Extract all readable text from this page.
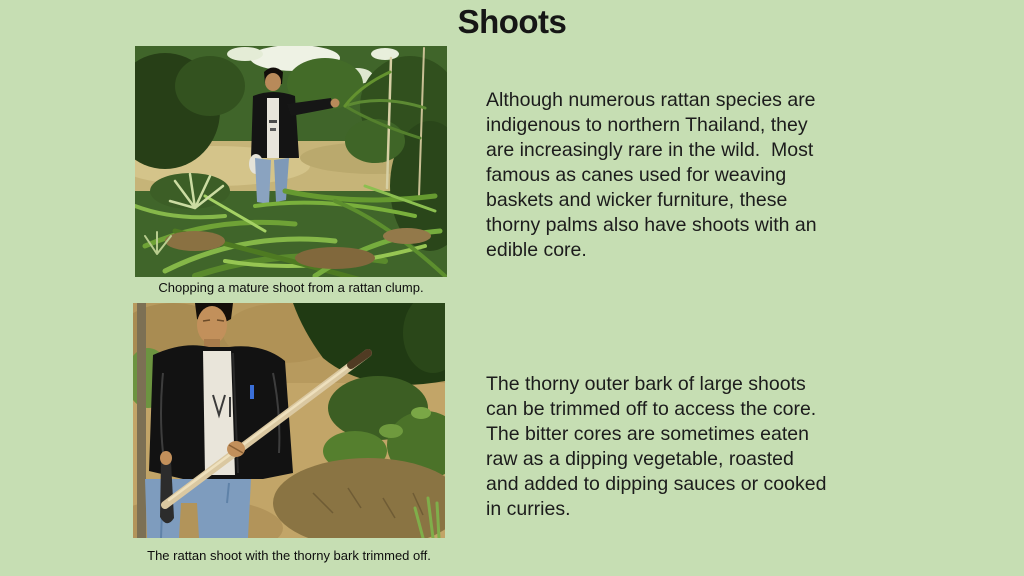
Shoots
Chopping a mature shoot from a rattan clump.
The rattan shoot with the thorny bark trimmed off.

Although numerous rattan species are
indigenous to northern Thailand, they
are increasingly rare in the wild.  Most
famous as canes used for weaving
baskets and wicker furniture, these
thorny palms also have shoots with an
edible core.

The thorny outer bark of large shoots
can be trimmed off to access the core.
The bitter cores are sometimes eaten
raw as a dipping vegetable, roasted
and added to dipping sauces or cooked
in curries.
